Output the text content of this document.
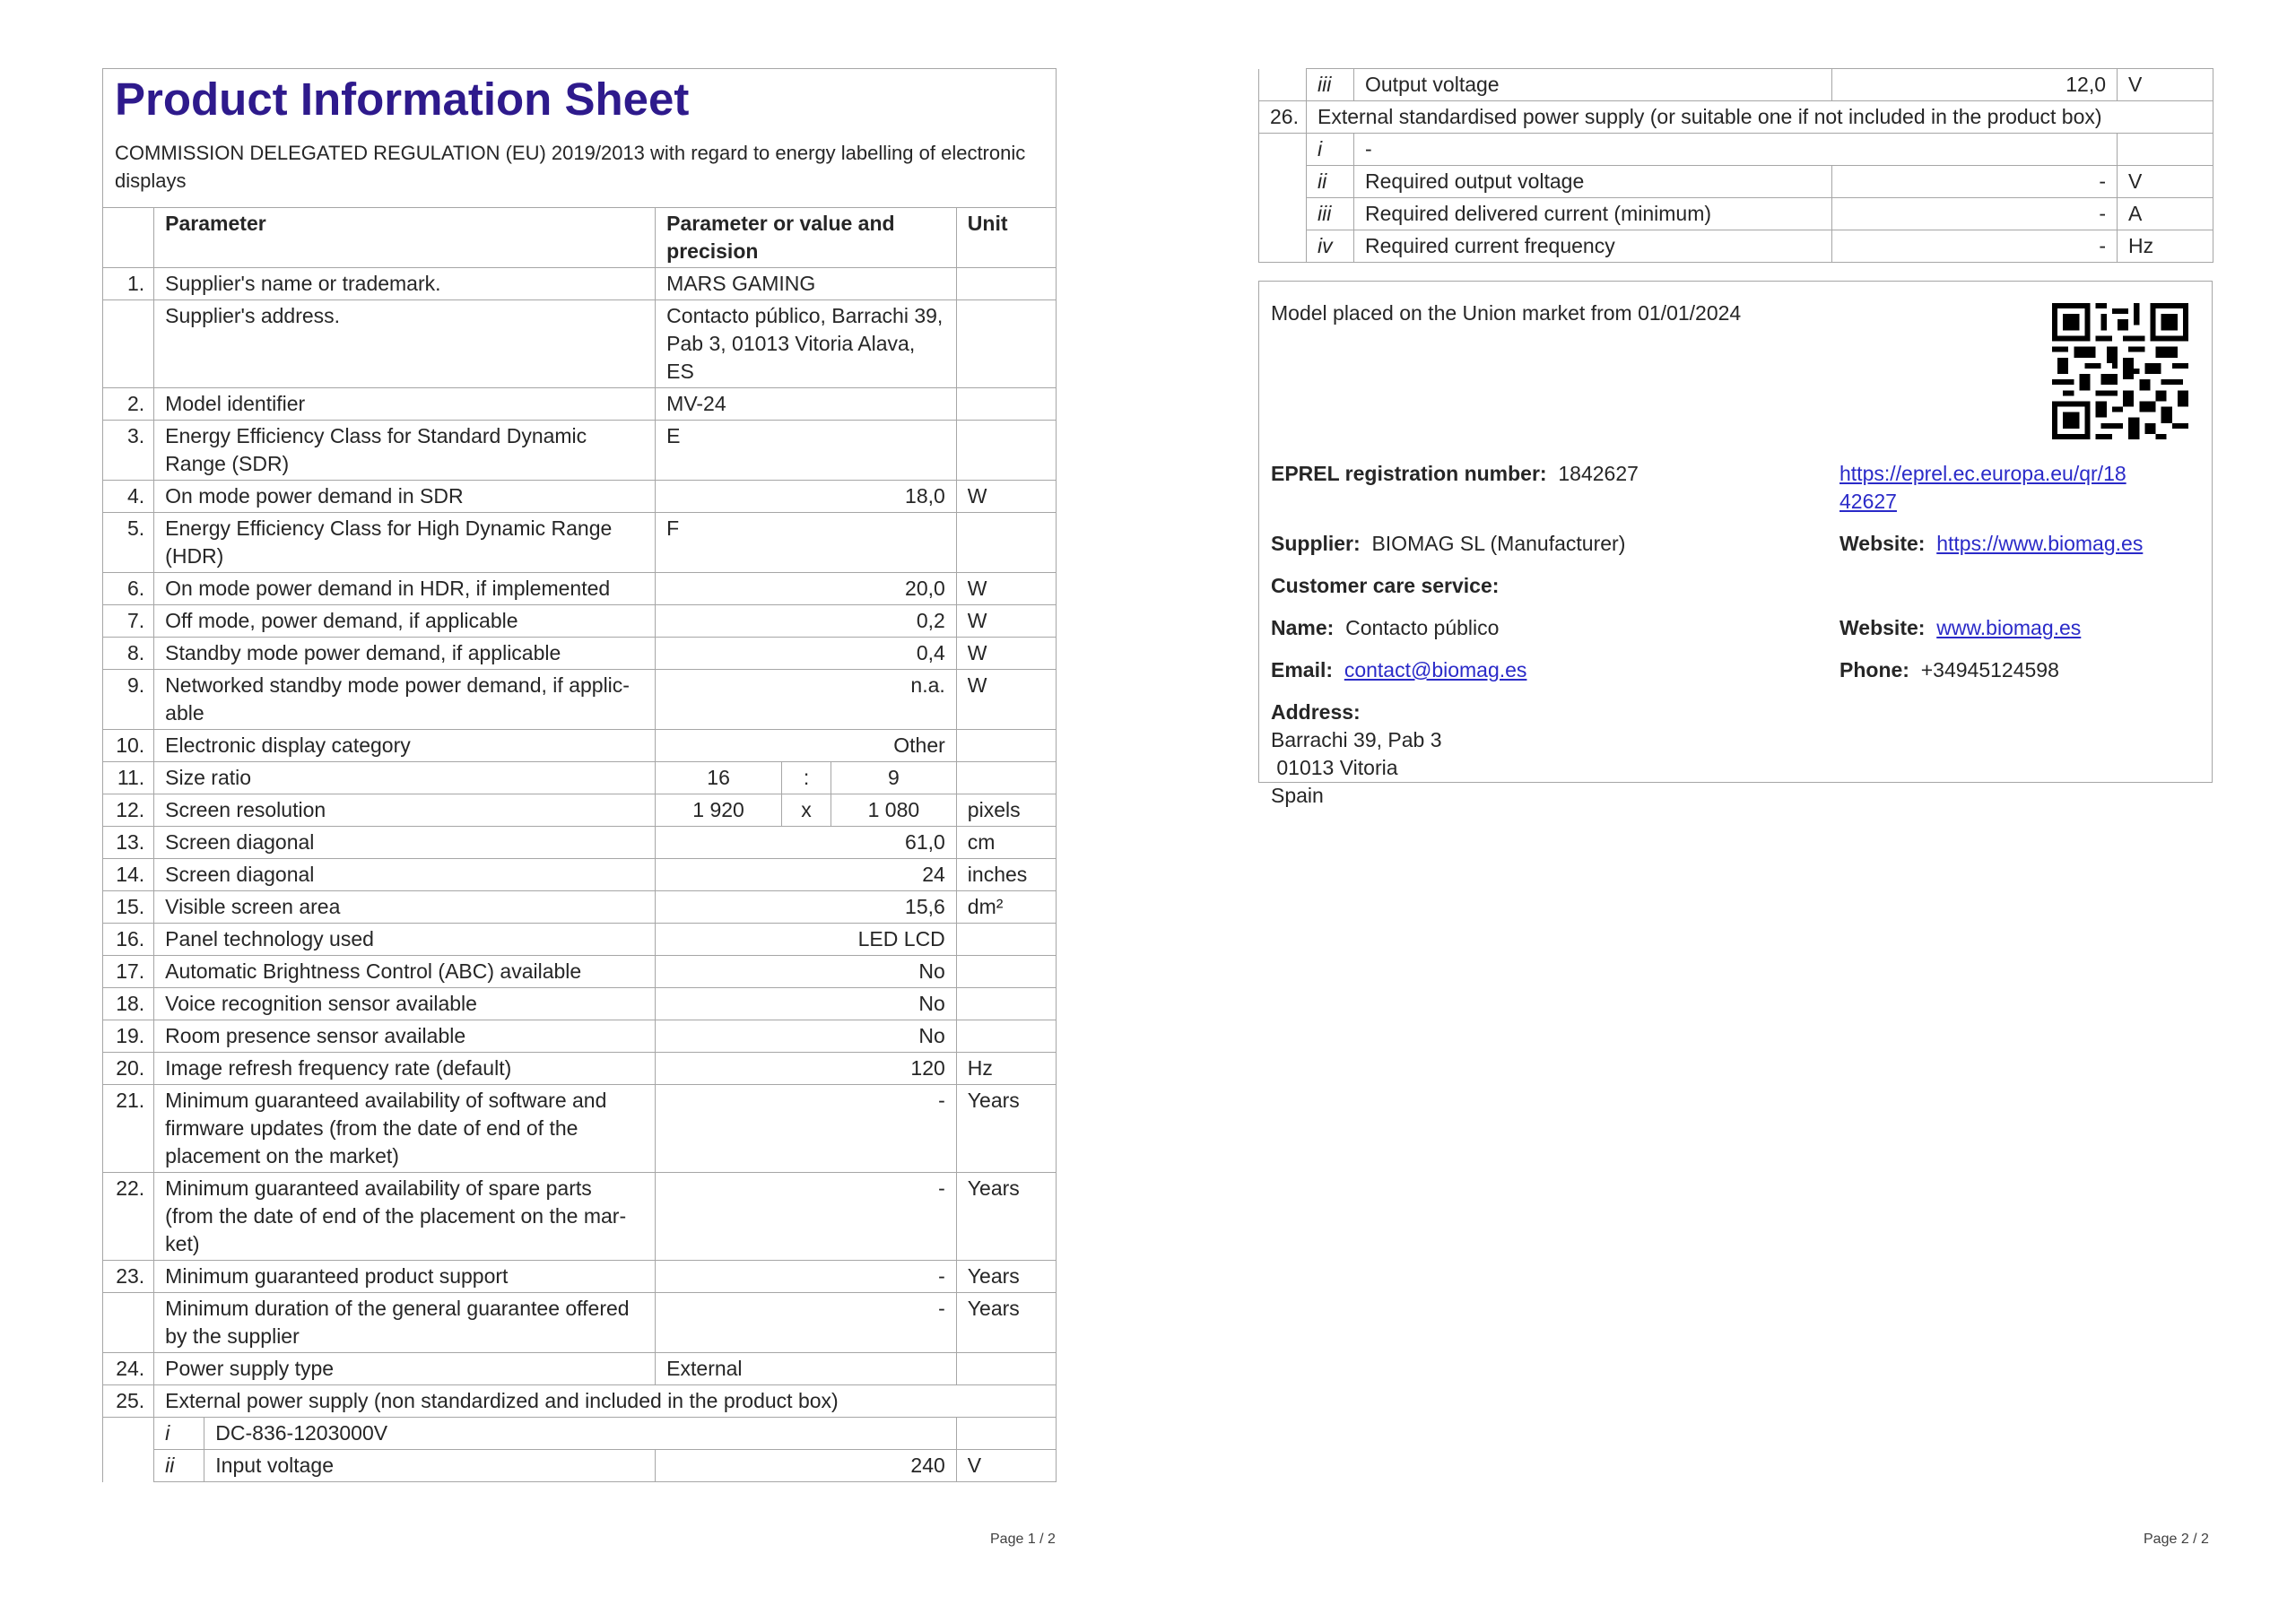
Product Information Sheet

COMMISSION DELEGATED REGULATION (EU) 2019/2013 with regard to energy labelling of electronic displays

	Parameter		Parameter or value and precision			Unit
1.	Supplier's name or trademark.		MARS GAMING			
	Supplier's address.		Contacto público, Barrachi 39, Pab 3, 01013 Vitoria Alava, ES			
2.	Model identifier		MV-24			
3.	Energy Efficiency Class for Standard Dynamic Range (SDR)		E			
4.	On mode power demand in SDR		18,0			W
5.	Energy Efficiency Class for High Dynamic Range (HDR)		F			
6.	On mode power demand in HDR, if implemented		20,0			W
7.	Off mode, power demand, if applicable		0,2			W
8.	Standby mode power demand, if applicable		0,4			W
9.	Networked standby mode power demand, if applic-able		n.a.			W
10.	Electronic display category		Other			
11.	Size ratio		16	:	9	
12.	Screen resolution		1 920	x	1 080	pixels
13.	Screen diagonal		61,0			cm
14.	Screen diagonal		24			inches
15.	Visible screen area		15,6			dm²
16.	Panel technology used		LED LCD			
17.	Automatic Brightness Control (ABC) available		No			
18.	Voice recognition sensor available		No			
19.	Room presence sensor available		No			
20.	Image refresh frequency rate (default)		120			Hz
21.	Minimum guaranteed availability of software and firmware updates (from the date of end of the placement on the market)		-			Years
22.	Minimum guaranteed availability of spare parts (from the date of end of the placement on the mar-ket)		-			Years
23.	Minimum guaranteed product support		-			Years
	Minimum duration of the general guarantee offered by the supplier		-			Years
24.	Power supply type		External			
25.	External power supply (non standardized and included in the product box)					
	i	DC-836-1203000V				
	ii	Input voltage	240			V
Page 1 / 2
	iii	Output voltage	12,0	V
26.	External standardised power supply (or suitable one if not included in the product box)			
	i	-		
	ii	Required output voltage	-	V
	iii	Required delivered current (minimum)	-	A
	iv	Required current frequency	-	Hz
Model placed on the Union market from 01/01/2024
EPREL registration number: 1842627	https://eprel.ec.europa.eu/qr/18
42627
Supplier: BIOMAG SL (Manufacturer)	Website: https://www.biomag.es
Customer care service:
Name: Contacto público	Website: www.biomag.es
Email: contact@biomag.es	Phone: +34945124598
Address:
Barrachi 39, Pab 3
01013 Vitoria
Spain
Page 2 / 2
